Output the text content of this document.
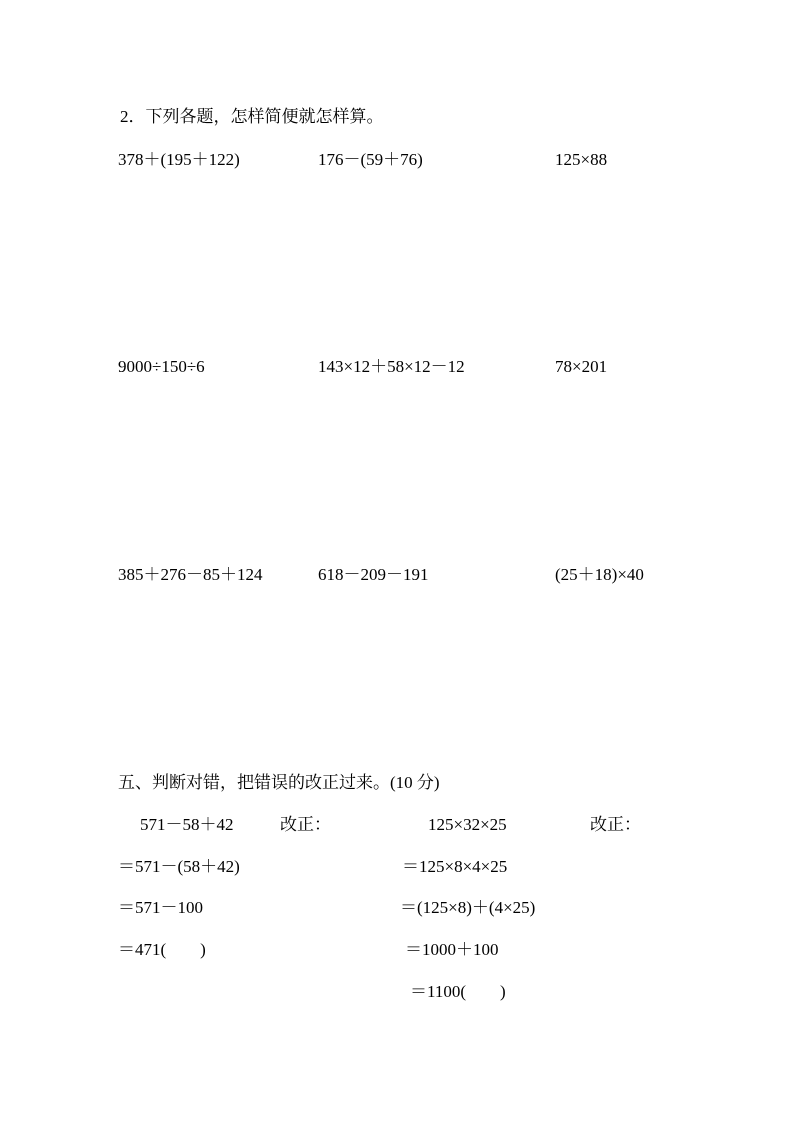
2．下列各题，怎样简便就怎样算。

378＋(195＋122)	176－(59＋76)	125×88

9000÷150÷6	143×12＋58×12－12	78×201

385＋276－85＋124	618－209－191	(25＋18)×40

五、判断对错，把错误的改正过来。(10 分)

571－58＋42	改正：	125×32×25	改正：

＝571－(58＋42)

＝571－100

＝471(　　)

＝125×8×4×25

＝(125×8)＋(4×25)

＝1000＋100

＝1100(　　)
